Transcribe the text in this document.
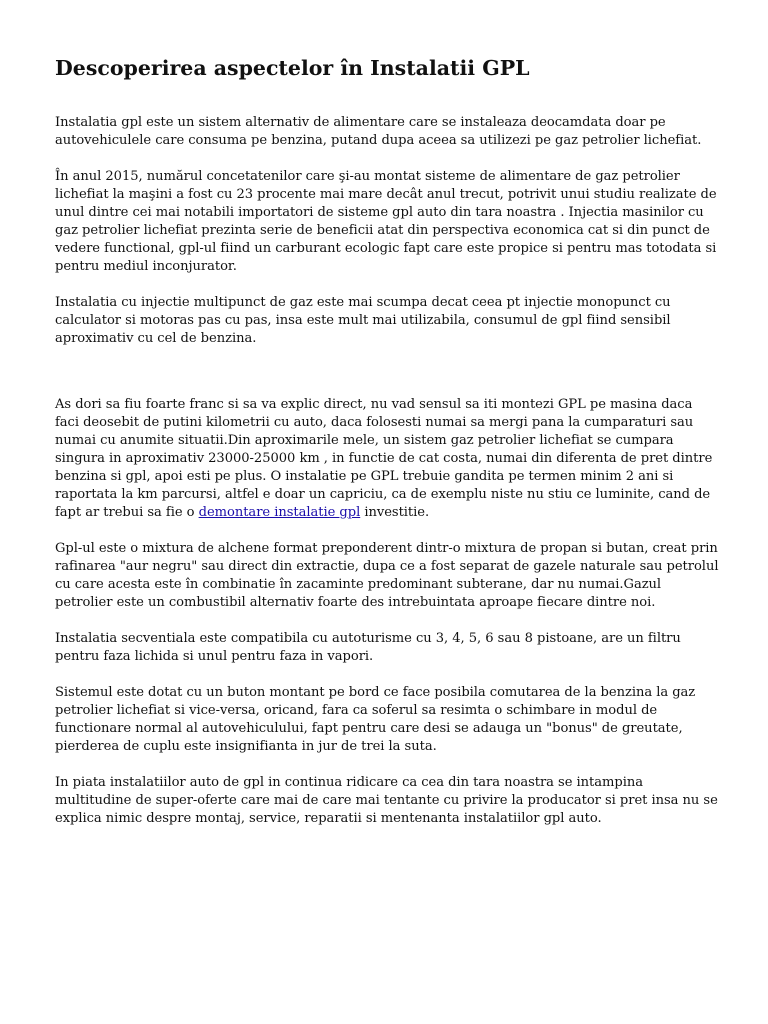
Descoperirea aspectelor în Instalatii GPL

Instalatia gpl este un sistem alternativ de alimentare care se instaleaza deocamdata doar pe autovehiculele care consuma pe benzina, putand dupa aceea sa utilizezi pe gaz petrolier lichefiat.

În anul 2015, numărul concetatenilor care şi-au montat sisteme de alimentare de gaz petrolier lichefiat la maşini a fost cu 23 procente mai mare decât anul trecut, potrivit unui studiu realizate de unul dintre cei mai notabili importatori de sisteme gpl auto din tara noastra . Injectia masinilor cu gaz petrolier lichefiat prezinta serie de beneficii atat din perspectiva economica cat si din punct de vedere functional, gpl-ul fiind un carburant ecologic fapt care este propice si pentru mas totodata si pentru mediul inconjurator.

Instalatia cu injectie multipunct de gaz este mai scumpa decat ceea pt injectie monopunct cu calculator si motoras pas cu pas, insa este mult mai utilizabila, consumul de gpl fiind sensibil aproximativ cu cel de benzina.

As dori sa fiu foarte franc si sa va explic direct, nu vad sensul sa iti montezi GPL pe masina daca faci deosebit de putini kilometrii cu auto, daca folosesti numai sa mergi pana la cumparaturi sau numai cu anumite situatii.Din aproximarile mele, un sistem gaz petrolier lichefiat se cumpara singura in aproximativ 23000-25000 km , in functie de cat costa, numai din diferenta de pret dintre benzina si gpl, apoi esti pe plus. O instalatie pe GPL trebuie gandita pe termen minim 2 ani si raportata la km parcursi, altfel e doar un capriciu, ca de exemplu niste nu stiu ce luminite, cand de fapt ar trebui sa fie o demontare instalatie gpl investitie.

Gpl-ul este o mixtura de alchene format preponderent dintr-o mixtura de propan si butan, creat prin rafinarea "aur negru" sau direct din extractie, dupa ce a fost separat de gazele naturale sau petrolul cu care acesta este în combinatie în zacaminte predominant subterane, dar nu numai.Gazul petrolier este un combustibil alternativ foarte des intrebuintata aproape fiecare dintre noi.

Instalatia secventiala este compatibila cu autoturisme cu 3, 4, 5, 6 sau 8 pistoane, are un filtru pentru faza lichida si unul pentru faza in vapori.

Sistemul este dotat cu un buton montant pe bord ce face posibila comutarea de la benzina la gaz petrolier lichefiat si vice-versa, oricand, fara ca soferul sa resimta o schimbare in modul de functionare normal al autovehiculului, fapt pentru care desi se adauga un "bonus" de greutate, pierderea de cuplu este insignifianta in jur de trei la suta.

In piata instalatiilor auto de gpl in continua ridicare ca cea din tara noastra se intampina multitudine de super-oferte care mai de care mai tentante cu privire la producator si pret insa nu se explica nimic despre montaj, service, reparatii si mentenanta instalatiilor gpl auto.
